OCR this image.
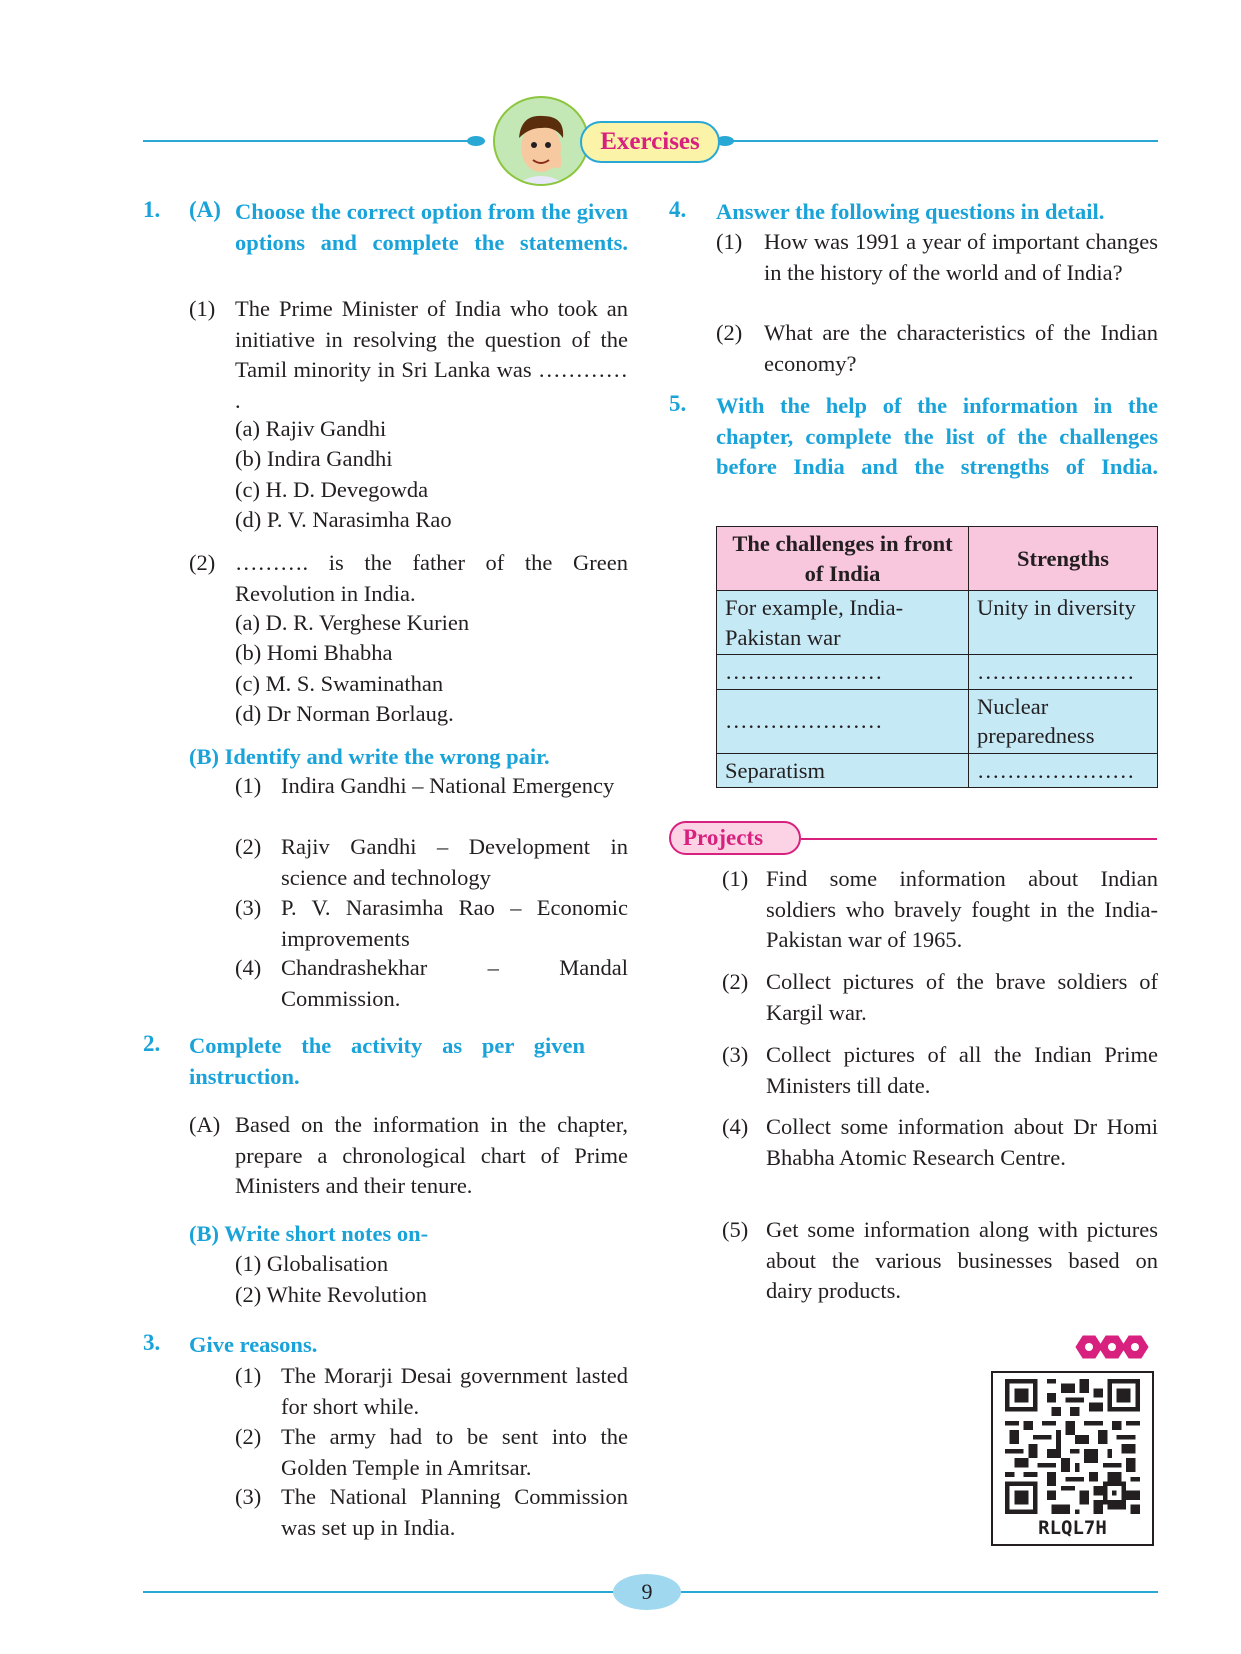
Exercises
1. (A) Choose the correct option from the given options and complete the statements.
(1) The Prime Minister of India who took an initiative in resolving the question of the Tamil minority in Sri Lanka was ………… .
(a) Rajiv Gandhi
(b) Indira Gandhi
(c) H. D. Devegowda
(d) P. V. Narasimha Rao
(2) ………. is the father of the Green Revolution in India.
(a) D. R. Verghese Kurien
(b) Homi Bhabha
(c) M. S. Swaminathan
(d) Dr Norman Borlaug.
(B) Identify and write the wrong pair.
(1) Indira Gandhi – National Emergency
(2) Rajiv Gandhi – Development in science and technology
(3) P. V. Narasimha Rao – Economic improvements
(4) Chandrashekhar – Mandal Commission.
2. Complete the activity as per given instruction.
(A) Based on the information in the chapter, prepare a chronological chart of Prime Ministers and their tenure.
(B) Write short notes on-
(1) Globalisation
(2) White Revolution
3. Give reasons.
(1) The Morarji Desai government lasted for short while.
(2) The army had to be sent into the Golden Temple in Amritsar.
(3) The National Planning Commission was set up in India.
4. Answer the following questions in detail.
(1) How was 1991 a year of important changes in the history of the world and of India?
(2) What are the characteristics of the Indian economy?
5. With the help of the information in the chapter, complete the list of the challenges before India and the strengths of India.
The challenges in front of India	Strengths
For example, India-Pakistan war	Unity in diversity
…………………	…………………
…………………	Nuclear preparedness
Separatism	…………………
Projects
(1) Find some information about Indian soldiers who bravely fought in the India-Pakistan war of 1965.
(2) Collect pictures of the brave soldiers of Kargil war.
(3) Collect pictures of all the Indian Prime Ministers till date.
(4) Collect some information about Dr Homi Bhabha Atomic Research Centre.
(5) Get some information along with pictures about the various businesses based on dairy products.
RLQL7H
9
